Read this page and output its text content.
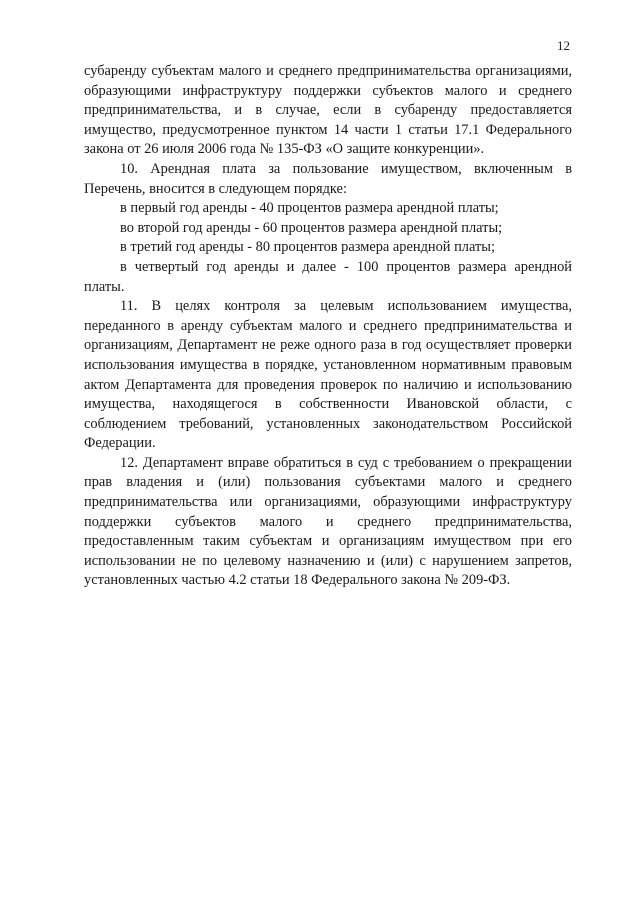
12

субаренду субъектам малого и среднего предпринимательства организациями, образующими инфраструктуру поддержки субъектов малого и среднего предпринимательства, и в случае, если в субаренду предоставляется имущество, предусмотренное пунктом 14 части 1 статьи 17.1 Федерального закона от 26 июля 2006 года № 135-ФЗ «О защите конкуренции».

10. Арендная плата за пользование имуществом, включенным в Перечень, вносится в следующем порядке:

в первый год аренды - 40 процентов размера арендной платы;

во второй год аренды - 60 процентов размера арендной платы;

в третий год аренды - 80 процентов размера арендной платы;

в четвертый год аренды и далее - 100 процентов размера арендной платы.

11. В целях контроля за целевым использованием имущества, переданного в аренду субъектам малого и среднего предпринимательства и организациям, Департамент не реже одного раза в год осуществляет проверки использования имущества в порядке, установленном нормативным правовым актом Департамента для проведения проверок по наличию и использованию имущества, находящегося в собственности Ивановской области, с соблюдением требований, установленных законодательством Российской Федерации.

12. Департамент вправе обратиться в суд с требованием о прекращении прав владения и (или) пользования субъектами малого и среднего предпринимательства или организациями, образующими инфраструктуру поддержки субъектов малого и среднего предпринимательства, предоставленным таким субъектам и организациям имуществом при его использовании не по целевому назначению и (или) с нарушением запретов, установленных частью 4.2 статьи 18 Федерального закона № 209-ФЗ.
